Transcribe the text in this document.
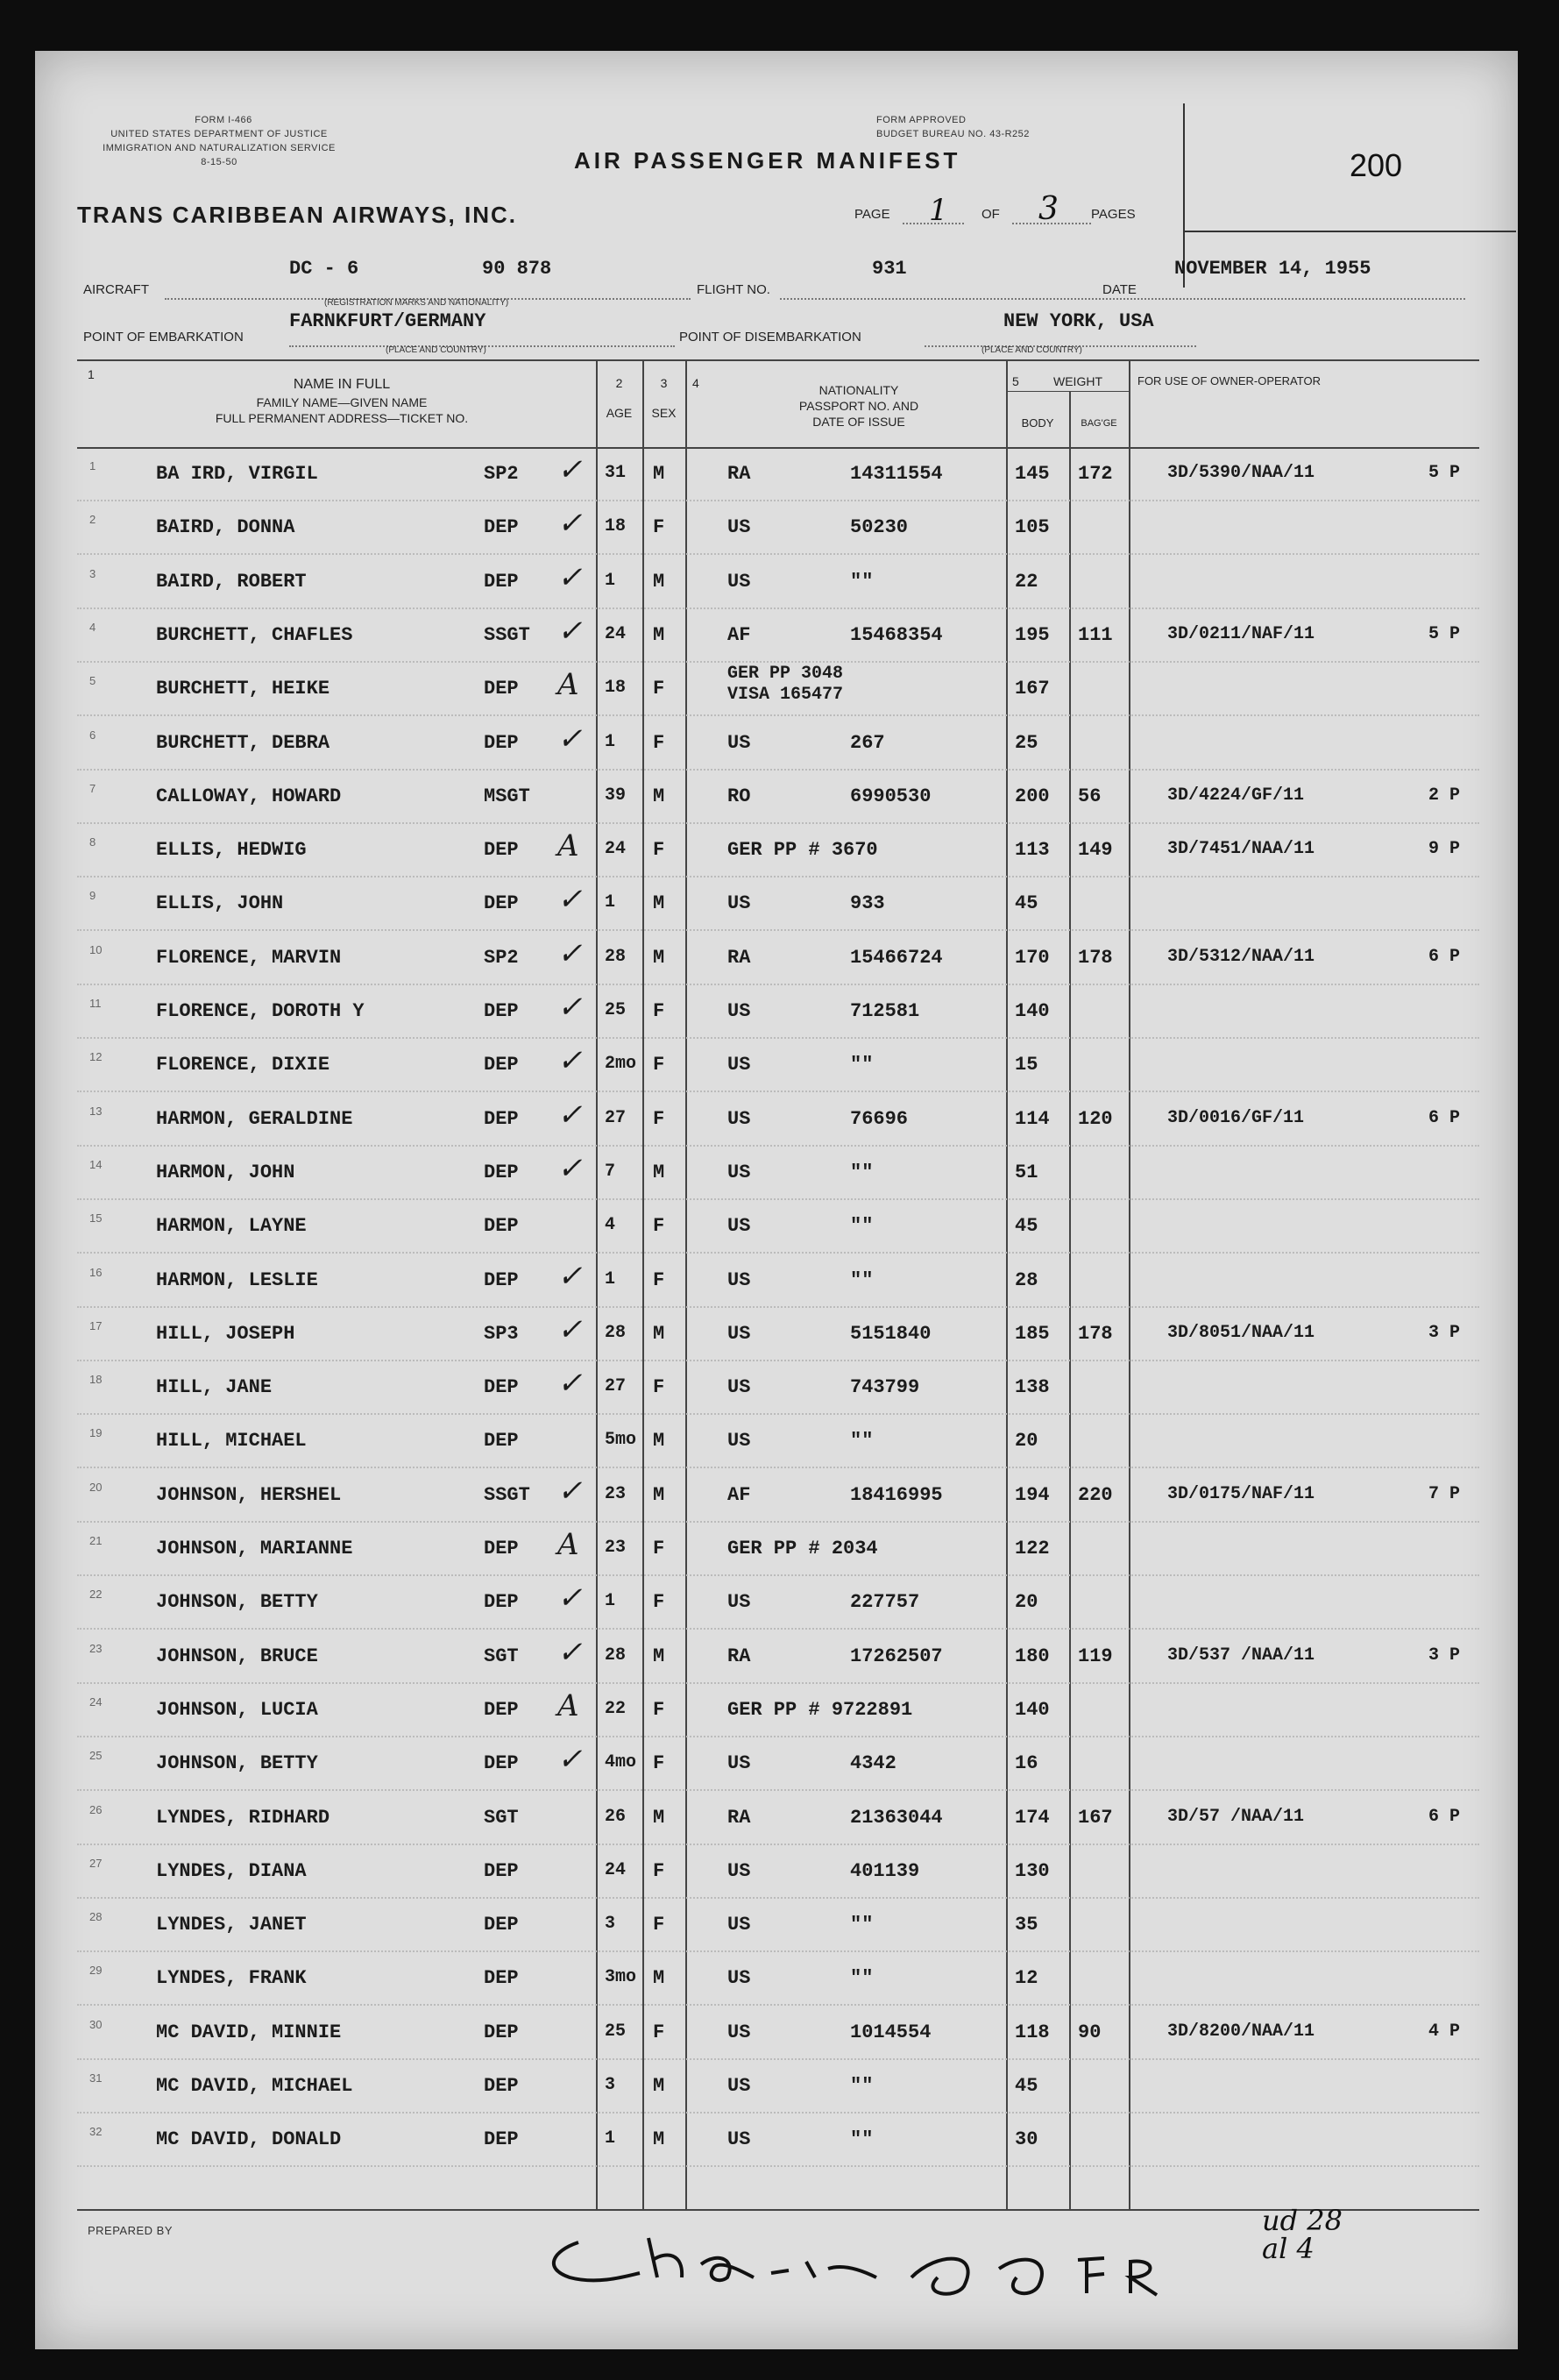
FORM I-466
UNITED STATES DEPARTMENT OF JUSTICE
IMMIGRATION AND NATURALIZATION SERVICE
8-15-50	AIR PASSENGER MANIFEST
FORM APPROVED
BUDGET BUREAU NO. 43-R252
200
TRANS CARIBBEAN AIRWAYS, INC.	PAGE 1	OF 3 PAGES
AIRCRAFT
DC - 6	90 878
(REGISTRATION MARKS AND NATIONALITY)
FLIGHT NO.
931
DATE
NOVEMBER 14, 1955
POINT OF EMBARKATION
FARNKFURT/GERMANY
(PLACE AND COUNTRY)
POINT OF DISEMBARKATION
NEW YORK, USA
(PLACE AND COUNTRY)
1
NAME IN FULL
FAMILY NAME—GIVEN NAME
FULL PERMANENT ADDRESS—TICKET NO.
2
AGE
3
SEX
4	NATIONALITY
PASSPORT NO. AND
DATE OF ISSUE
5	WEIGHT
BODY	BAG'GE
FOR USE OF OWNER-OPERATOR
1	BA IRD, VIRGIL	SP2 ✓ 31 M	RA	14311554	145 172	3D/5390/NAA/11	5 P
2	BAIRD, DONNA	DEP ✓ 18 F	US	50230	105
3	BAIRD, ROBERT	DEP ✓ 1 M	US	""	22
4	BURCHETT, CHAFLES	SSGT ✓ 24 M	AF	15468354	195 111	3D/0211/NAF/11	5 P
5	BURCHETT, HEIKE	DEP A 18 F
GER PP 3048
VISA 165477	167
6	BURCHETT, DEBRA	DEP ✓ 1 F	US	267	25
7	CALLOWAY, HOWARD	MSGT	39 M	RO	6990530	200 56	3D/4224/GF/11	2 P
8	ELLIS, HEDWIG	DEP A 24 F	GER PP # 3670	113 149	3D/7451/NAA/11	9 P
9	ELLIS, JOHN	DEP ✓ 1 M	US	933	45
10	FLORENCE, MARVIN	SP2 ✓ 28 M	RA	15466724	170 178	3D/5312/NAA/11	6 P
11	FLORENCE, DOROTH Y	DEP ✓ 25 F	US	712581	140
12	FLORENCE, DIXIE	DEP ✓ 2mo F	US	""	15
13	HARMON, GERALDINE	DEP ✓ 27 F	US	76696	114 120	3D/0016/GF/11	6 P
14	HARMON, JOHN	DEP ✓ 7 M	US	""	51
15	HARMON, LAYNE	DEP	4 F	US	""	45
16	HARMON, LESLIE	DEP ✓ 1 F	US	""	28
17	HILL, JOSEPH	SP3 ✓ 28 M	US	5151840	185 178	3D/8051/NAA/11	3 P
18	HILL, JANE	DEP ✓ 27 F	US	743799	138
19	HILL, MICHAEL	DEP	5mo M	US	""	20
20	JOHNSON, HERSHEL	SSGT ✓ 23 M	AF	18416995	194 220	3D/0175/NAF/11	7 P
21	JOHNSON, MARIANNE	DEP A 23 F	GER PP # 2034	122
22	JOHNSON, BETTY	DEP ✓ 1 F	US	227757	20
23	JOHNSON, BRUCE	SGT ✓ 28 M	RA	17262507	180 119	3D/537 /NAA/11	3 P
24	JOHNSON, LUCIA	DEP A 22 F	GER PP # 9722891	140
25	JOHNSON, BETTY	DEP ✓ 4mo F	US	4342	16
26	LYNDES, RIDHARD	SGT	26 M	RA	21363044	174 167	3D/57 /NAA/11	6 P
27	LYNDES, DIANA	DEP	24 F	US	401139	130
28	LYNDES, JANET	DEP	3 F	US	""	35
29	LYNDES, FRANK	DEP	3mo M	US	""	12
30	MC DAVID, MINNIE	DEP	25 F	US	1014554	118 90	3D/8200/NAA/11	4 P
31	MC DAVID, MICHAEL	DEP	3 M	US	""	45
32	MC DAVID, DONALD	DEP	1 M	US	""	30
PREPARED BY	ud 28
al 4
